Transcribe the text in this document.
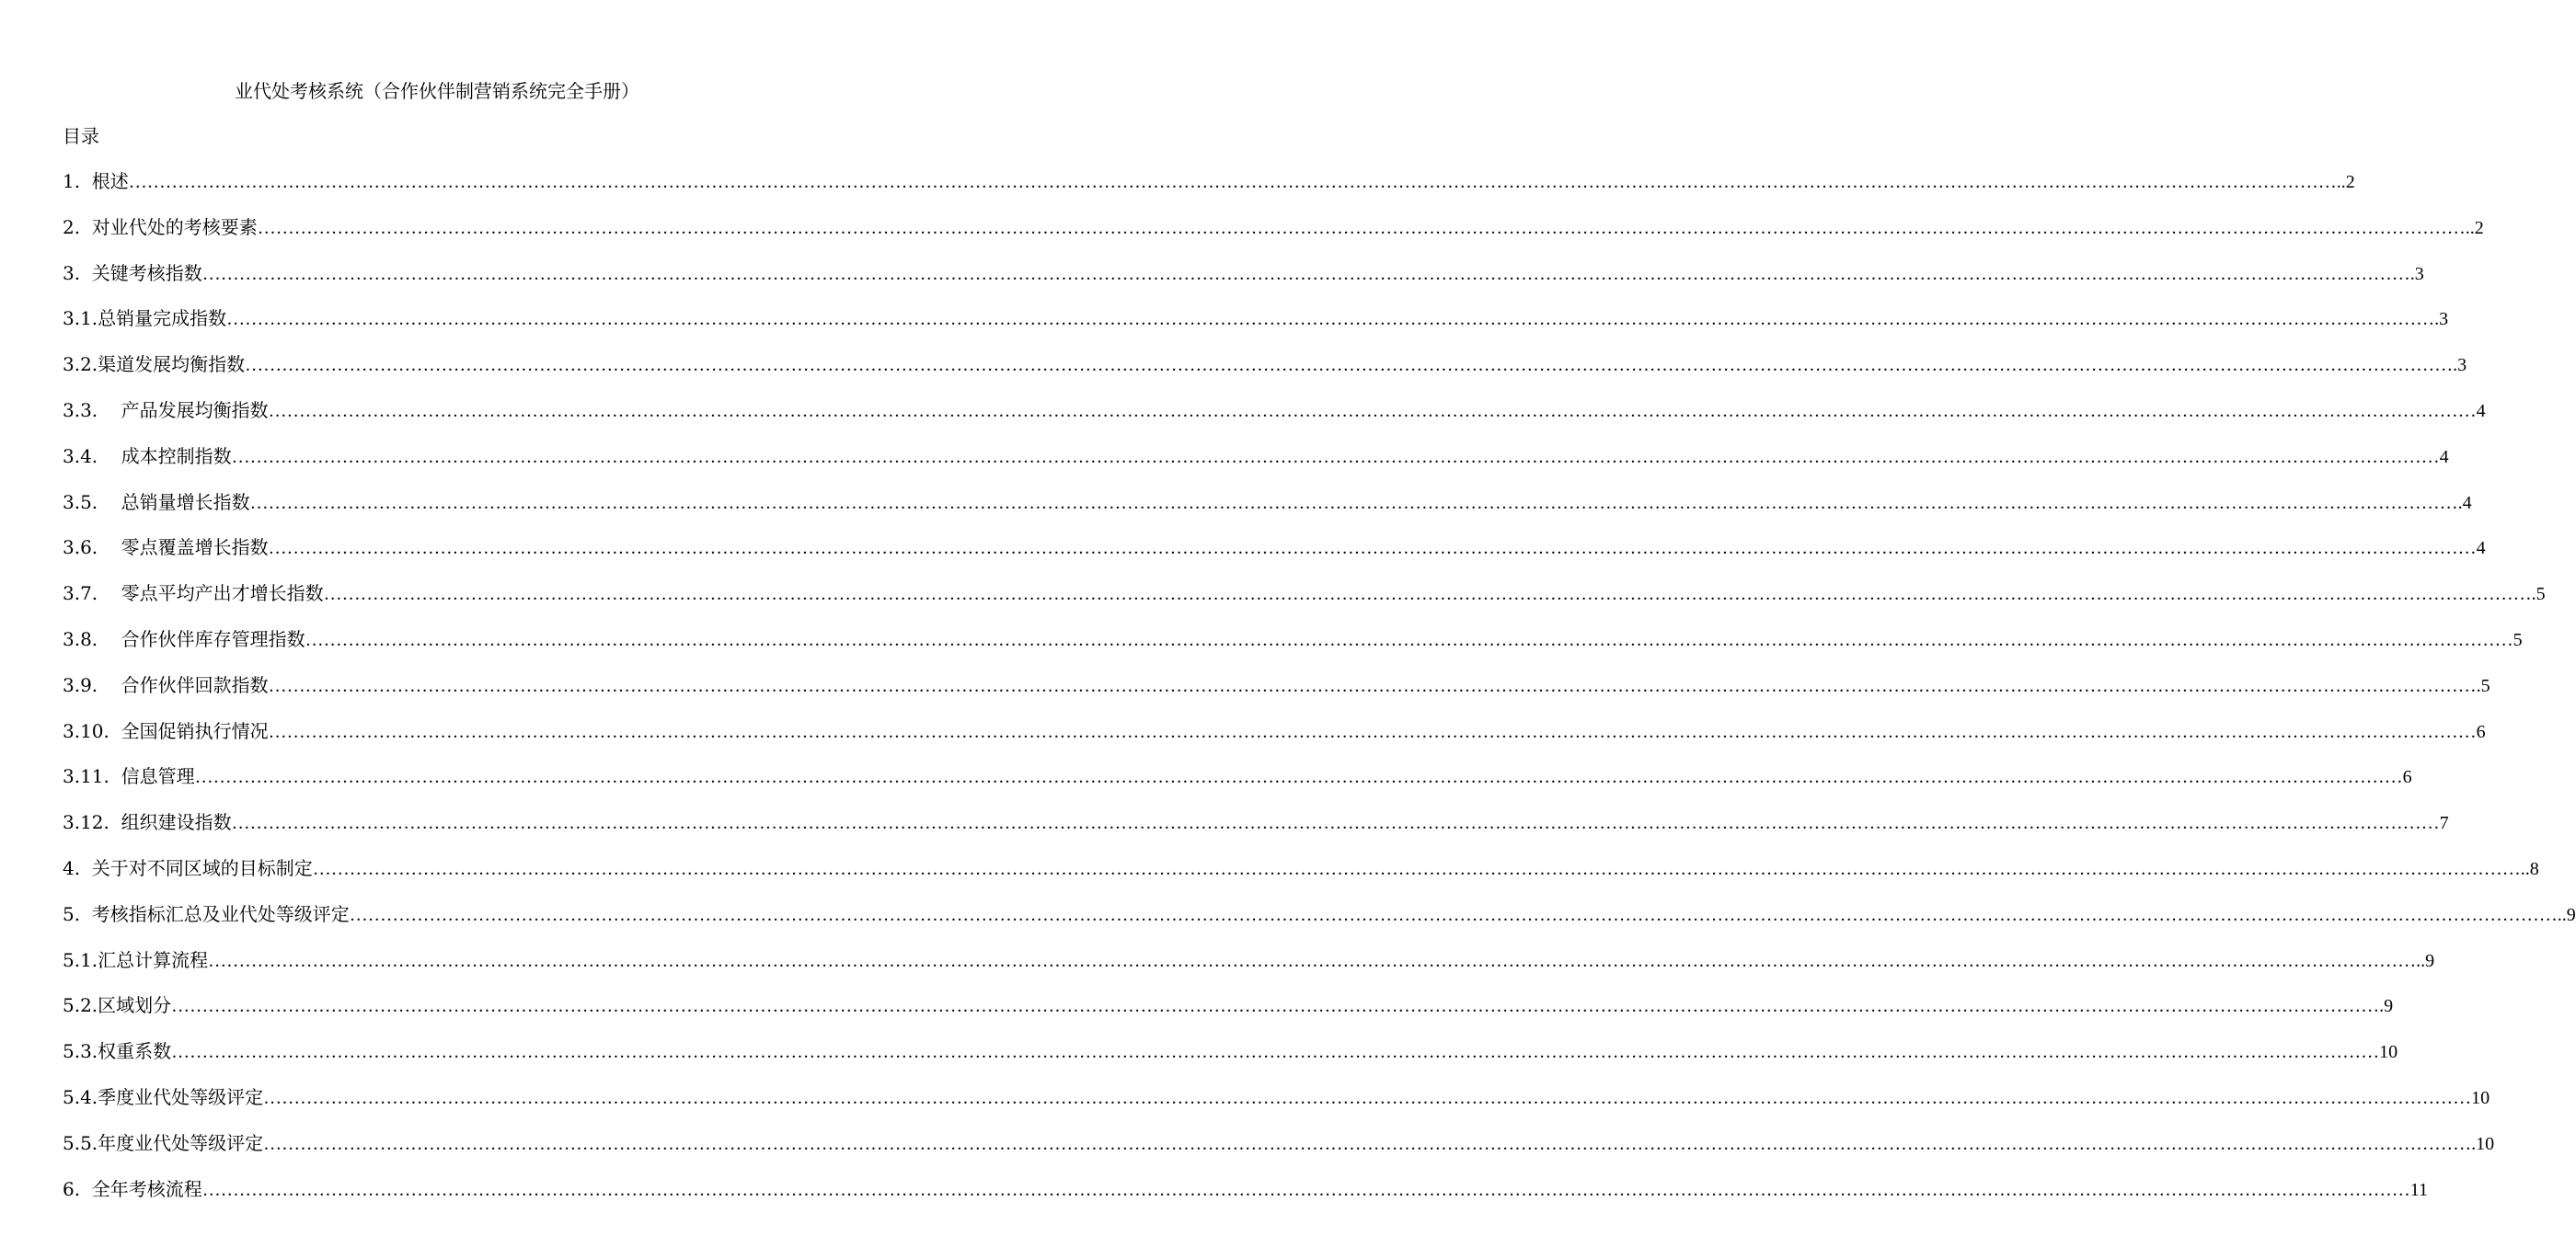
业代处考核系统（合作伙伴制营销系统完全手册）
目录
1. 根述 ……………………………………………………………………………………………………………………………………………………………………………………………………………………………………………………………………………………………………………………………… ..2
2. 对业代处的考核要素 ……………………………………………………………………………………………………………………………………………………………………………………………………………………………………………………………………………………………………………………………… ..2
3. 关键考核指数 ……………………………………………………………………………………………………………………………………………………………………………………………………………………………………………………………………………………………………………………………… .3
3.1. 总销量完成指数 ……………………………………………………………………………………………………………………………………………………………………………………………………………………………………………………………………………………………………………………………… .3
3.2. 渠道发展均衡指数 ……………………………………………………………………………………………………………………………………………………………………………………………………………………………………………………………………………………………………………………………… .3
3.3. 产品发展均衡指数 ……………………………………………………………………………………………………………………………………………………………………………………………………………………………………………………………………………………………………………………………… 4
3.4. 成本控制指数 ……………………………………………………………………………………………………………………………………………………………………………………………………………………………………………………………………………………………………………………………… 4
3.5. 总销量增长指数 ……………………………………………………………………………………………………………………………………………………………………………………………………………………………………………………………………………………………………………………………… .4
3.6. 零点覆盖增长指数 ……………………………………………………………………………………………………………………………………………………………………………………………………………………………………………………………………………………………………………………………… 4
3.7. 零点平均产出才增长指数 ……………………………………………………………………………………………………………………………………………………………………………………………………………………………………………………………………………………………………………………………… .5
3.8. 合作伙伴库存管理指数 ……………………………………………………………………………………………………………………………………………………………………………………………………………………………………………………………………………………………………………………………… 5
3.9. 合作伙伴回款指数 ……………………………………………………………………………………………………………………………………………………………………………………………………………………………………………………………………………………………………………………………… .5
3.10. 全国促销执行情况 ……………………………………………………………………………………………………………………………………………………………………………………………………………………………………………………………………………………………………………………………… 6
3.11. 信息管理 ……………………………………………………………………………………………………………………………………………………………………………………………………………………………………………………………………………………………………………………………… 6
3.12. 组织建设指数 ……………………………………………………………………………………………………………………………………………………………………………………………………………………………………………………………………………………………………………………………… 7
4. 关于对不同区域的目标制定 ……………………………………………………………………………………………………………………………………………………………………………………………………………………………………………………………………………………………………………………………… ..8
5. 考核指标汇总及业代处等级评定 ……………………………………………………………………………………………………………………………………………………………………………………………………………………………………………………………………………………………………………………………… ..9
5.1. 汇总计算流程 ……………………………………………………………………………………………………………………………………………………………………………………………………………………………………………………………………………………………………………………………… ..9
5.2. 区域划分 ……………………………………………………………………………………………………………………………………………………………………………………………………………………………………………………………………………………………………………………………… .9
5.3. 权重系数 ……………………………………………………………………………………………………………………………………………………………………………………………………………………………………………………………………………………………………………………………… 10
5.4. 季度业代处等级评定 ……………………………………………………………………………………………………………………………………………………………………………………………………………………………………………………………………………………………………………………………… 10
5.5. 年度业代处等级评定 ……………………………………………………………………………………………………………………………………………………………………………………………………………………………………………………………………………………………………………………………… .10
6. 全年考核流程 ……………………………………………………………………………………………………………………………………………………………………………………………………………………………………………………………………………………………………………………………… 11
